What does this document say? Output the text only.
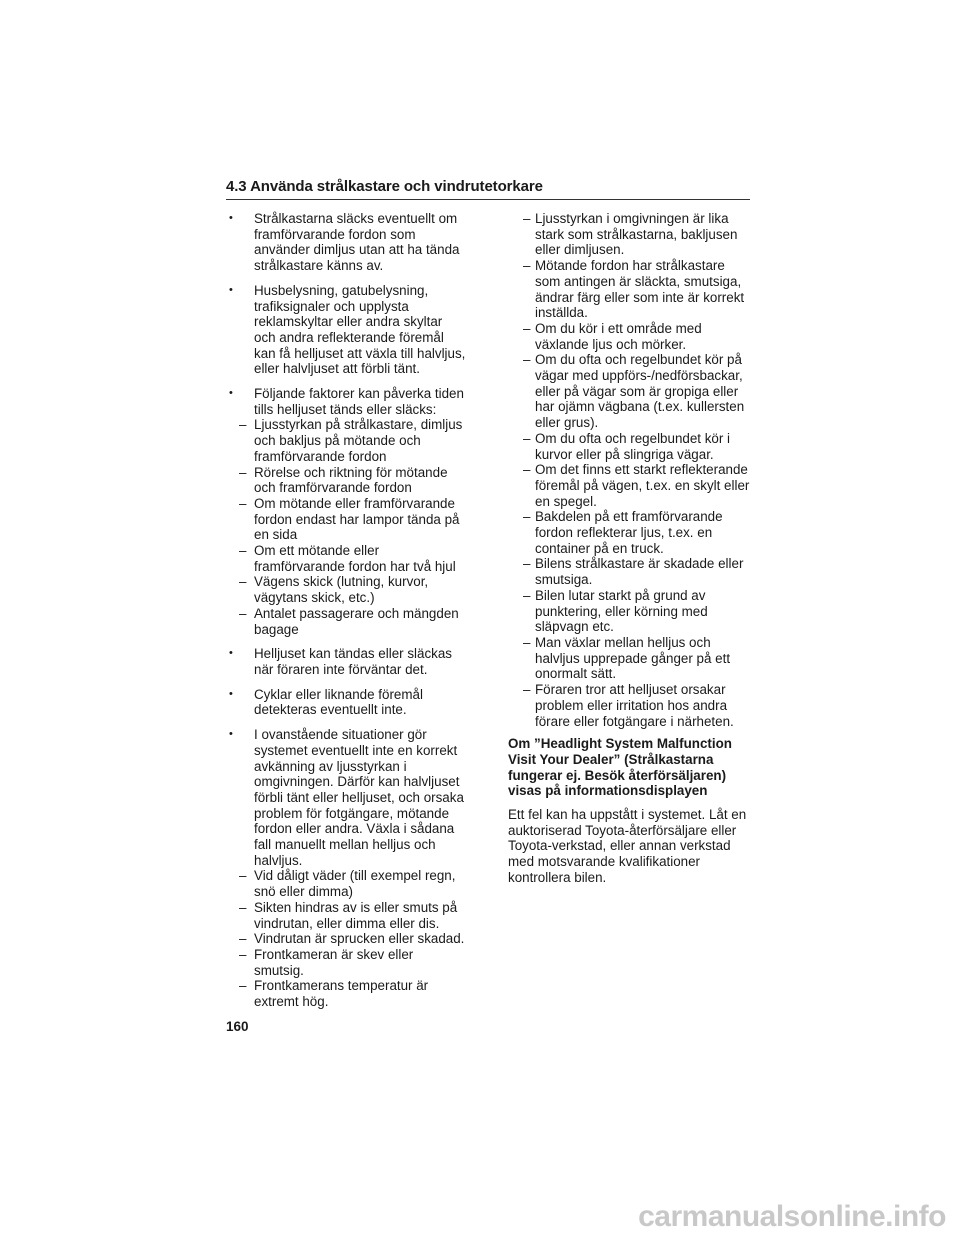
4.3 Använda strålkastare och vindrutetorkare
• Strålkastarna släcks eventuellt om framförvarande fordon som använder dimljus utan att ha tända strålkastare känns av.
• Husbelysning, gatubelysning, trafiksignaler och upplysta reklamskyltar eller andra skyltar och andra reflekterande föremål kan få helljuset att växla till halvljus, eller halvljuset att förbli tänt.
• Följande faktorer kan påverka tiden tills helljuset tänds eller släcks:
– Ljusstyrkan på strålkastare, dimljus och bakljus på mötande och framförvarande fordon
– Rörelse och riktning för mötande och framförvarande fordon
– Om mötande eller framförvarande fordon endast har lampor tända på en sida
– Om ett mötande eller framförvarande fordon har två hjul
– Vägens skick (lutning, kurvor, vägytans skick, etc.)
– Antalet passagerare och mängden bagage
• Helljuset kan tändas eller släckas när föraren inte förväntar det.
• Cyklar eller liknande föremål detekteras eventuellt inte.
• I ovanstående situationer gör systemet eventuellt inte en korrekt avkänning av ljusstyrkan i omgivningen. Därför kan halvljuset förbli tänt eller helljuset, och orsaka problem för fotgängare, mötande fordon eller andra. Växla i sådana fall manuellt mellan helljus och halvljus.
– Vid dåligt väder (till exempel regn, snö eller dimma)
– Sikten hindras av is eller smuts på vindrutan, eller dimma eller dis.
– Vindrutan är sprucken eller skadad.
– Frontkameran är skev eller smutsig.
– Frontkamerans temperatur är extremt hög.
– Ljusstyrkan i omgivningen är lika stark som strålkastarna, bakljusen eller dimljusen.
– Mötande fordon har strålkastare som antingen är släckta, smutsiga, ändrar färg eller som inte är korrekt inställda.
– Om du kör i ett område med växlande ljus och mörker.
– Om du ofta och regelbundet kör på vägar med uppförs-/nedförsbackar, eller på vägar som är gropiga eller har ojämn vägbana (t.ex. kullersten eller grus).
– Om du ofta och regelbundet kör i kurvor eller på slingriga vägar.
– Om det finns ett starkt reflekterande föremål på vägen, t.ex. en skylt eller en spegel.
– Bakdelen på ett framförvarande fordon reflekterar ljus, t.ex. en container på en truck.
– Bilens strålkastare är skadade eller smutsiga.
– Bilen lutar starkt på grund av punktering, eller körning med släpvagn etc.
– Man växlar mellan helljus och halvljus upprepade gånger på ett onormalt sätt.
– Föraren tror att helljuset orsakar problem eller irritation hos andra förare eller fotgängare i närheten.
Om ”Headlight System Malfunction Visit Your Dealer” (Strålkastarna fungerar ej. Besök återförsäljaren) visas på informationsdisplayen

Ett fel kan ha uppstått i systemet. Låt en auktoriserad Toyota-återförsäljare eller Toyota-verkstad, eller annan verkstad med motsvarande kvalifikationer kontrollera bilen.

160
carmanualsonline.info
